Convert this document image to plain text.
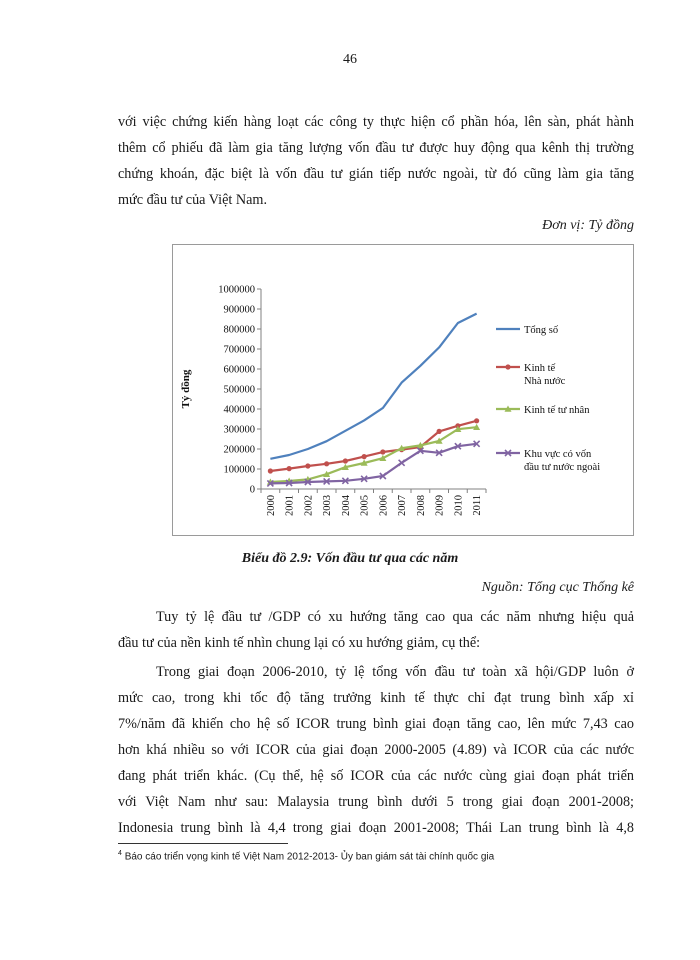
46

với việc chứng kiến hàng loạt các công ty thực hiện cổ phần hóa, lên sàn, phát hành
thêm cổ phiếu đã làm gia tăng lượng vốn đầu tư được huy động qua kênh thị trường
chứng khoán, đặc biệt là vốn đầu tư gián tiếp nước ngoài, từ đó cũng làm gia tăng
mức đầu tư của Việt Nam.

Đơn vị: Tỷ đồng
0
100000
200000
300000
400000
500000
600000
700000
800000
900000
1000000
2000 2001 2002 2003 2004 2005 2006 2007 2008 2009 2010 2011
Tỷ đồng
Tổng số
Kinh tế
Nhà nước
Kinh tế tư nhân
Khu vực có vốn
đầu tư nước ngoài
Biểu đồ 2.9: Vốn đầu tư qua các năm
Nguồn: Tổng cục Thống kê

Tuy tỷ lệ đầu tư /GDP có xu hướng tăng cao qua các năm nhưng hiệu quả
đầu tư của nền kinh tế nhìn chung lại có xu hướng giảm, cụ thể:

Trong giai đoạn 2006-2010, tỷ lệ tổng vốn đầu tư toàn xã hội/GDP luôn ở
mức cao, trong khi tốc độ tăng trưởng kinh tế thực chỉ đạt trung bình xấp xỉ
7%/năm đã khiến cho hệ số ICOR trung bình giai đoạn tăng cao, lên mức 7,43 cao
hơn khá nhiều so với ICOR của giai đoạn 2000-2005 (4.89) và ICOR của các nước
đang phát triển khác. (Cụ thể, hệ số ICOR của các nước cùng giai đoạn phát triển
với Việt Nam như sau: Malaysia trung bình dưới 5 trong giai đoạn 2001-2008;
Indonesia trung bình là 4,4 trong giai đoạn 2001-2008; Thái Lan trung bình là 4,8

$^4$ Báo cáo triển vọng kinh tế Việt Nam 2012-2013- Ủy ban giám sát tài chính quốc gia
